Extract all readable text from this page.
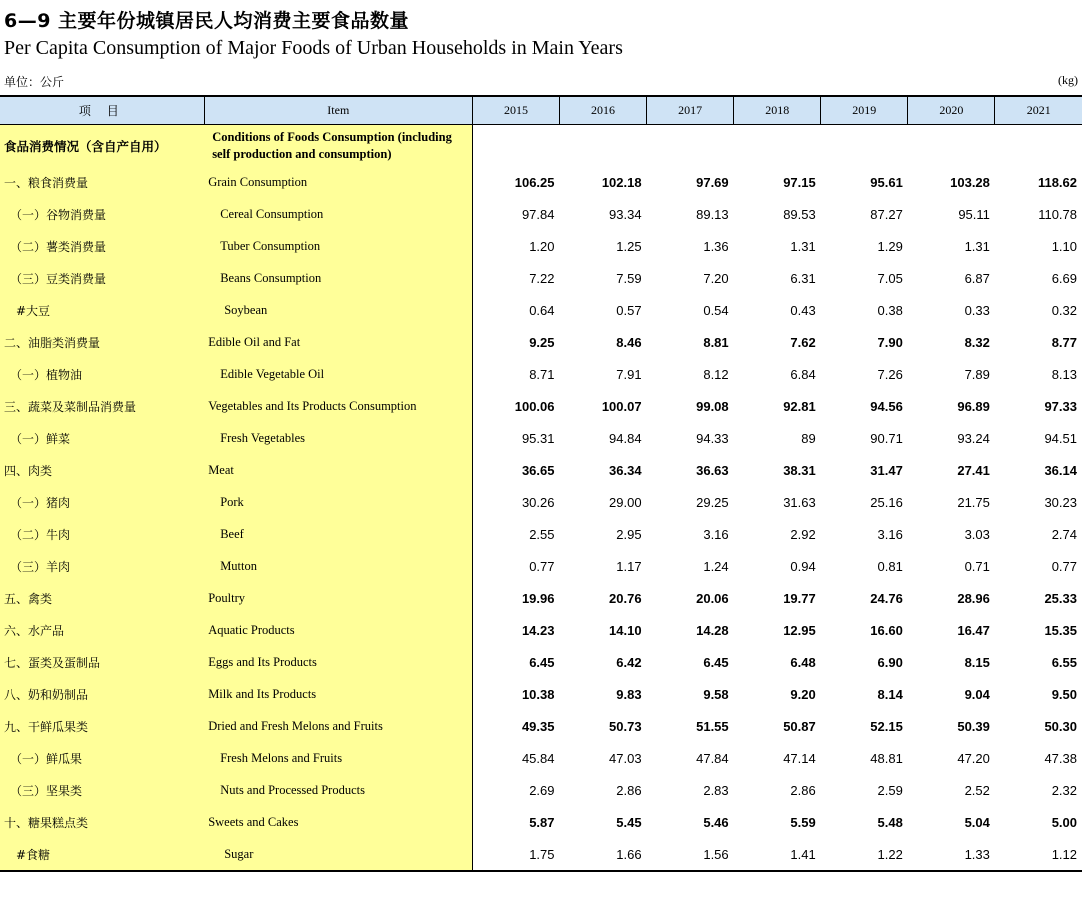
6—9 主要年份城镇居民人均消费主要食品数量
Per Capita Consumption of Major Foods of Urban Households in Main Years
单位：公斤	(kg)
项 目	Item	2015	2016	2017	2018	2019	2020	2021
食品消费情况（含自产自用）	Conditions of Foods Consumption (including self production and consumption)							
一、粮食消费量	Grain Consumption	106.25	102.18	97.69	97.15	95.61	103.28	118.62
（一）谷物消费量	Cereal Consumption	97.84	93.34	89.13	89.53	87.27	95.11	110.78
（二）薯类消费量	Tuber Consumption	1.20	1.25	1.36	1.31	1.29	1.31	1.10
（三）豆类消费量	Beans Consumption	7.22	7.59	7.20	6.31	7.05	6.87	6.69
#大豆	Soybean	0.64	0.57	0.54	0.43	0.38	0.33	0.32
二、油脂类消费量	Edible Oil and Fat	9.25	8.46	8.81	7.62	7.90	8.32	8.77
（一）植物油	Edible Vegetable Oil	8.71	7.91	8.12	6.84	7.26	7.89	8.13
三、蔬菜及菜制品消费量	Vegetables and Its Products Consumption	100.06	100.07	99.08	92.81	94.56	96.89	97.33
（一）鲜菜	Fresh Vegetables	95.31	94.84	94.33	89	90.71	93.24	94.51
四、肉类	Meat	36.65	36.34	36.63	38.31	31.47	27.41	36.14
（一）猪肉	Pork	30.26	29.00	29.25	31.63	25.16	21.75	30.23
（二）牛肉	Beef	2.55	2.95	3.16	2.92	3.16	3.03	2.74
（三）羊肉	Mutton	0.77	1.17	1.24	0.94	0.81	0.71	0.77
五、禽类	Poultry	19.96	20.76	20.06	19.77	24.76	28.96	25.33
六、水产品	Aquatic Products	14.23	14.10	14.28	12.95	16.60	16.47	15.35
七、蛋类及蛋制品	Eggs and Its Products	6.45	6.42	6.45	6.48	6.90	8.15	6.55
八、奶和奶制品	Milk and Its Products	10.38	9.83	9.58	9.20	8.14	9.04	9.50
九、干鲜瓜果类	Dried and Fresh Melons and Fruits	49.35	50.73	51.55	50.87	52.15	50.39	50.30
（一）鲜瓜果	Fresh Melons and Fruits	45.84	47.03	47.84	47.14	48.81	47.20	47.38
（三）坚果类	Nuts and Processed Products	2.69	2.86	2.83	2.86	2.59	2.52	2.32
十、糖果糕点类	Sweets and Cakes	5.87	5.45	5.46	5.59	5.48	5.04	5.00
#食糖	Sugar	1.75	1.66	1.56	1.41	1.22	1.33	1.12
